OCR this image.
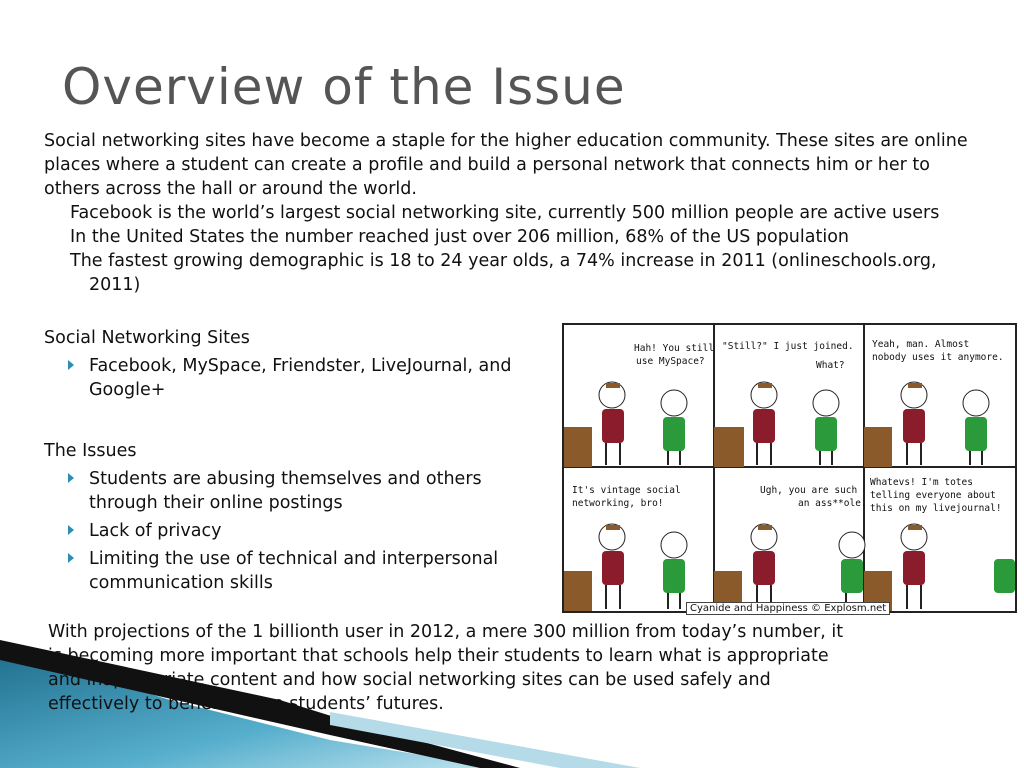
Overview of the Issue

Social networking sites have become a staple for the higher education community. These sites are online places where a student can create a profile and build a personal network that connects him or her to others across the hall or around the world.

Facebook is the world’s largest social networking site, currently 500 million people are active users

In the United States the number reached just over 206 million, 68% of the US population

The fastest growing demographic is 18 to 24 year olds, a 74% increase in 2011 (onlineschools.org, 2011)

Social Networking Sites
Facebook, MySpace, Friendster, LiveJournal, and Google+
The Issues
Students are abusing themselves and others through their online postings
Lack of privacy
Limiting the use of technical and interpersonal communication skills
Hah! You still
use MySpace?
"Still?" I just joined.
What?
Yeah, man. Almost
nobody uses it anymore.
It's vintage social
networking, bro!
Ugh, you are such
an ass**ole.
Whatevs! I'm totes
telling everyone about
this on my livejournal!
Cyanide and Happiness © Explosm.net
With projections of the 1 billionth user in 2012, a mere 300 million from today’s number, it is becoming more important that schools help their students to learn what is appropriate and inappropriate content and how social networking sites can be used safely and effectively to benefit those students’ futures.
